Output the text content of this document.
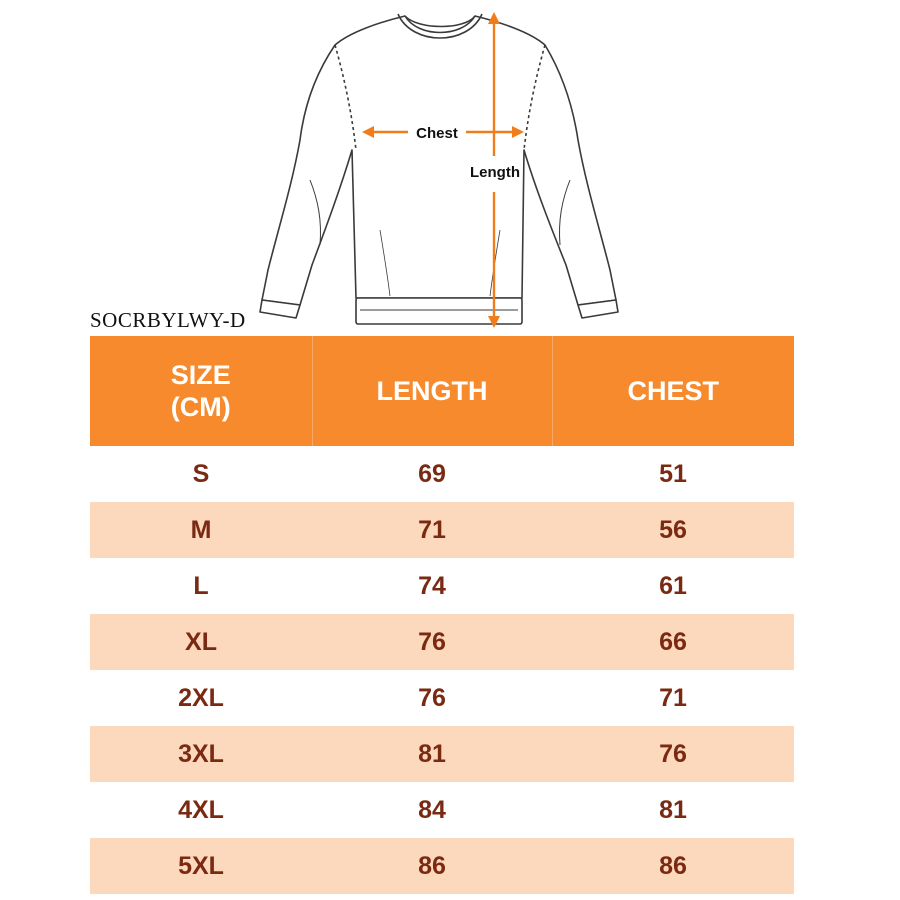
Chest
Length
SOCRBYLWY-D
SIZE
(CM)	LENGTH	CHEST
S	69	51
M	71	56
L	74	61
XL	76	66
2XL	76	71
3XL	81	76
4XL	84	81
5XL	86	86
